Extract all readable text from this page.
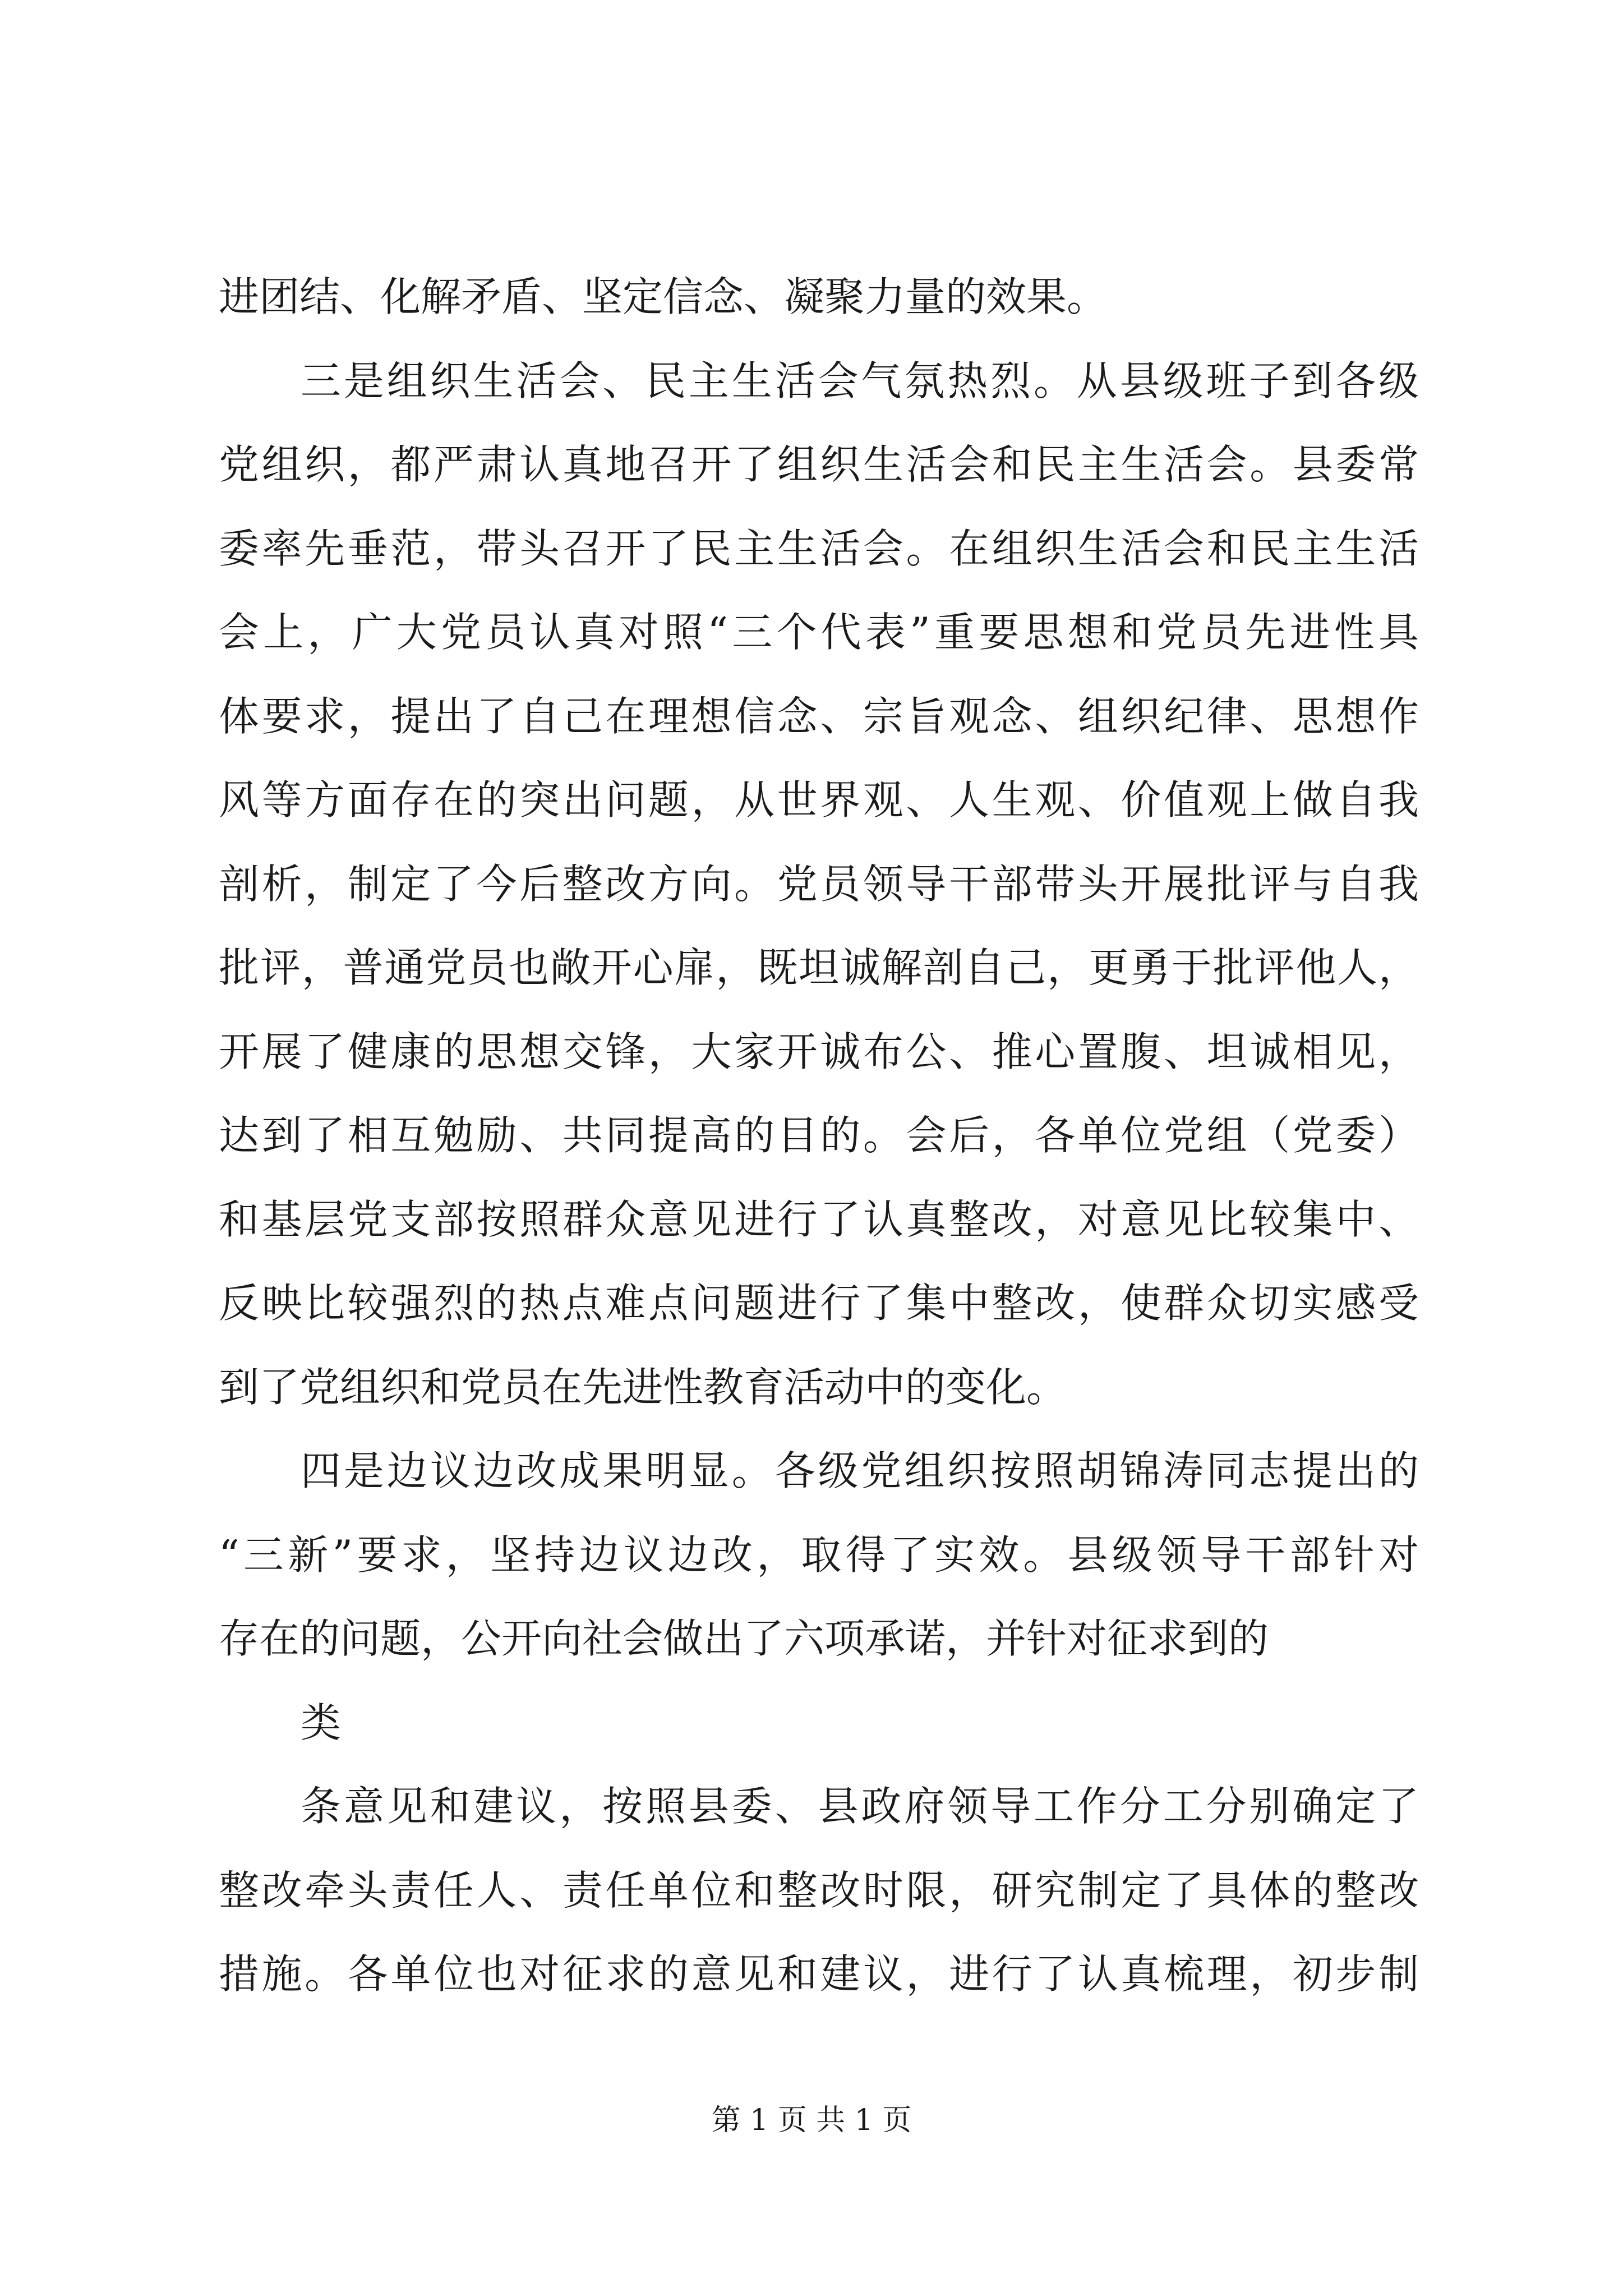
进团结、化解矛盾、坚定信念、凝聚力量的效果。
三是组织生活会、民主生活会气氛热烈。从县级班子到各级
党组织，都严肃认真地召开了组织生活会和民主生活会。县委常
委率先垂范，带头召开了民主生活会。在组织生活会和民主生活
会上，广大党员认真对照“三个代表”重要思想和党员先进性具
体要求，提出了自己在理想信念、宗旨观念、组织纪律、思想作
风等方面存在的突出问题，从世界观、人生观、价值观上做自我
剖析，制定了今后整改方向。党员领导干部带头开展批评与自我
批评，普通党员也敞开心扉，既坦诚解剖自己，更勇于批评他人，
开展了健康的思想交锋，大家开诚布公、推心置腹、坦诚相见，
达到了相互勉励、共同提高的目的。会后，各单位党组（党委）
和基层党支部按照群众意见进行了认真整改，对意见比较集中、
反映比较强烈的热点难点问题进行了集中整改，使群众切实感受
到了党组织和党员在先进性教育活动中的变化。
四是边议边改成果明显。各级党组织按照胡锦涛同志提出的
“三新”要求，坚持边议边改，取得了实效。县级领导干部针对
存在的问题，公开向社会做出了六项承诺，并针对征求到的
类
条意见和建议，按照县委、县政府领导工作分工分别确定了
整改牵头责任人、责任单位和整改时限，研究制定了具体的整改
措施。各单位也对征求的意见和建议，进行了认真梳理，初步制
第 1 页 共 1 页
